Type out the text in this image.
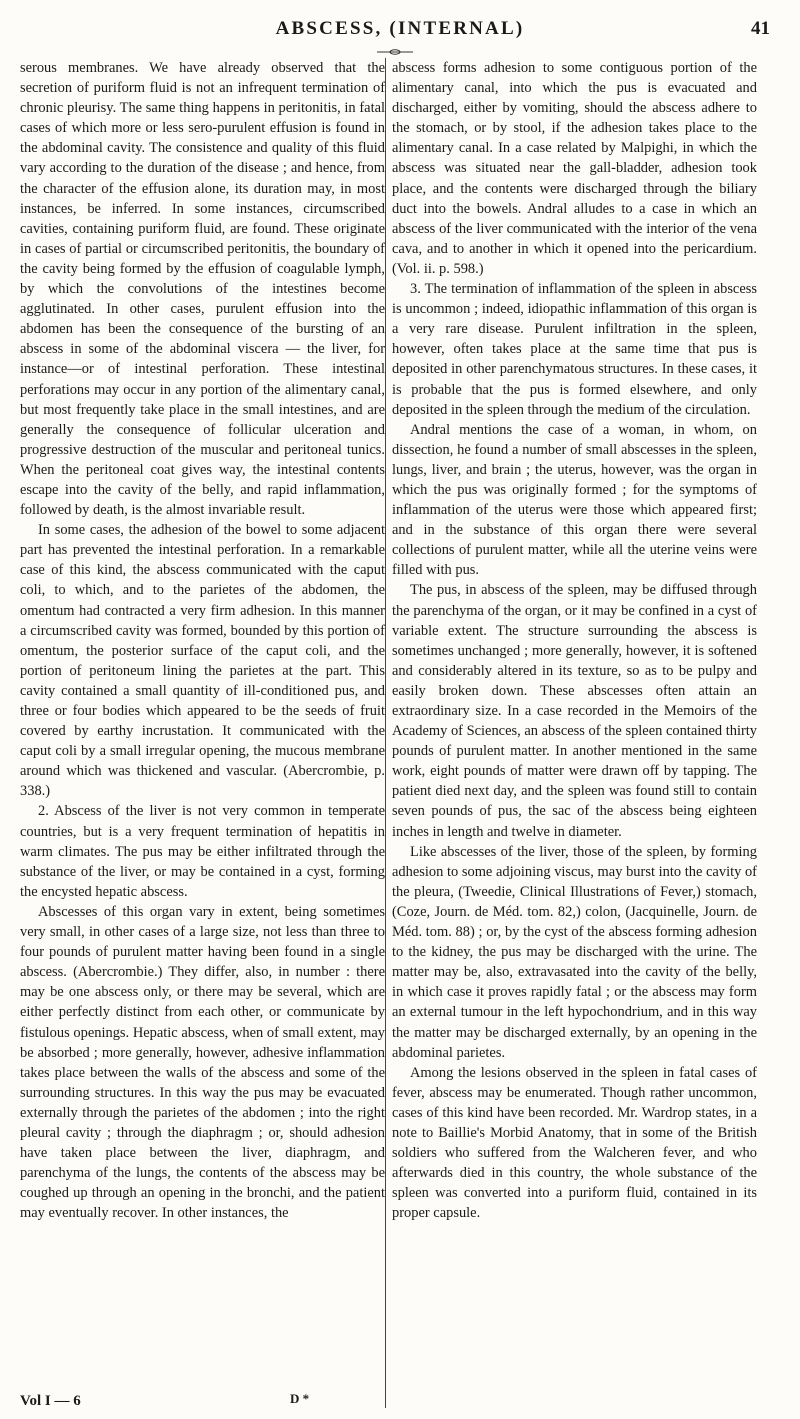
ABSCESS, (INTERNAL)	41

serous membranes. We have already observed that the secretion of puriform fluid is not an infrequent termination of chronic pleurisy. The same thing happens in peritonitis, in fatal cases of which more or less sero-purulent effusion is found in the abdominal cavity. The consistence and quality of this fluid vary according to the duration of the disease ; and hence, from the character of the effusion alone, its duration may, in most instances, be inferred. In some instances, circumscribed cavities, containing puriform fluid, are found. These originate in cases of partial or circumscribed peritonitis, the boundary of the cavity being formed by the effusion of coagulable lymph, by which the convolutions of the intestines become agglutinated. In other cases, purulent effusion into the abdomen has been the consequence of the bursting of an abscess in some of the abdominal viscera — the liver, for instance—or of intestinal perforation. These intestinal perforations may occur in any portion of the alimentary canal, but most frequently take place in the small intestines, and are generally the consequence of follicular ulceration and progressive destruction of the muscular and peritoneal tunics. When the peritoneal coat gives way, the intestinal contents escape into the cavity of the belly, and rapid inflammation, followed by death, is the almost invariable result.

In some cases, the adhesion of the bowel to some adjacent part has prevented the intestinal perforation. In a remarkable case of this kind, the abscess communicated with the caput coli, to which, and to the parietes of the abdomen, the omentum had contracted a very firm adhesion. In this manner a circumscribed cavity was formed, bounded by this portion of omentum, the posterior surface of the caput coli, and the portion of peritoneum lining the parietes at the part. This cavity contained a small quantity of ill-conditioned pus, and three or four bodies which appeared to be the seeds of fruit covered by earthy incrustation. It communicated with the caput coli by a small irregular opening, the mucous membrane around which was thickened and vascular. (Abercrombie, p. 338.)

2. Abscess of the liver is not very common in temperate countries, but is a very frequent termination of hepatitis in warm climates. The pus may be either infiltrated through the substance of the liver, or may be contained in a cyst, forming the encysted hepatic abscess.

Abscesses of this organ vary in extent, being sometimes very small, in other cases of a large size, not less than three to four pounds of purulent matter having been found in a single abscess. (Abercrombie.) They differ, also, in number : there may be one abscess only, or there may be several, which are either perfectly distinct from each other, or communicate by fistulous openings. Hepatic abscess, when of small extent, may be absorbed ; more generally, however, adhesive inflammation takes place between the walls of the abscess and some of the surrounding structures. In this way the pus may be evacuated externally through the parietes of the abdomen ; into the right pleural cavity ; through the diaphragm ; or, should adhesion have taken place between the liver, diaphragm, and parenchyma of the lungs, the contents of the abscess may be coughed up through an opening in the bronchi, and the patient may eventually recover. In other instances, the

abscess forms adhesion to some contiguous portion of the alimentary canal, into which the pus is evacuated and discharged, either by vomiting, should the abscess adhere to the stomach, or by stool, if the adhesion takes place to the alimentary canal. In a case related by Malpighi, in which the abscess was situated near the gall-bladder, adhesion took place, and the contents were discharged through the biliary duct into the bowels. Andral alludes to a case in which an abscess of the liver communicated with the interior of the vena cava, and to another in which it opened into the pericardium. (Vol. ii. p. 598.)

3. The termination of inflammation of the spleen in abscess is uncommon ; indeed, idiopathic inflammation of this organ is a very rare disease. Purulent infiltration in the spleen, however, often takes place at the same time that pus is deposited in other parenchymatous structures. In these cases, it is probable that the pus is formed elsewhere, and only deposited in the spleen through the medium of the circulation.

Andral mentions the case of a woman, in whom, on dissection, he found a number of small abscesses in the spleen, lungs, liver, and brain ; the uterus, however, was the organ in which the pus was originally formed ; for the symptoms of inflammation of the uterus were those which appeared first; and in the substance of this organ there were several collections of purulent matter, while all the uterine veins were filled with pus.

The pus, in abscess of the spleen, may be diffused through the parenchyma of the organ, or it may be confined in a cyst of variable extent. The structure surrounding the abscess is sometimes unchanged ; more generally, however, it is softened and considerably altered in its texture, so as to be pulpy and easily broken down. These abscesses often attain an extraordinary size. In a case recorded in the Memoirs of the Academy of Sciences, an abscess of the spleen contained thirty pounds of purulent matter. In another mentioned in the same work, eight pounds of matter were drawn off by tapping. The patient died next day, and the spleen was found still to contain seven pounds of pus, the sac of the abscess being eighteen inches in length and twelve in diameter.

Like abscesses of the liver, those of the spleen, by forming adhesion to some adjoining viscus, may burst into the cavity of the pleura, (Tweedie, Clinical Illustrations of Fever,) stomach, (Coze, Journ. de Méd. tom. 82,) colon, (Jacquinelle, Journ. de Méd. tom. 88) ; or, by the cyst of the abscess forming adhesion to the kidney, the pus may be discharged with the urine. The matter may be, also, extravasated into the cavity of the belly, in which case it proves rapidly fatal ; or the abscess may form an external tumour in the left hypochondrium, and in this way the matter may be discharged externally, by an opening in the abdominal parietes.

Among the lesions observed in the spleen in fatal cases of fever, abscess may be enumerated. Though rather uncommon, cases of this kind have been recorded. Mr. Wardrop states, in a note to Baillie's Morbid Anatomy, that in some of the British soldiers who suffered from the Walcheren fever, and who afterwards died in this country, the whole substance of the spleen was converted into a puriform fluid, contained in its proper capsule.

Vol I — 6	D *
